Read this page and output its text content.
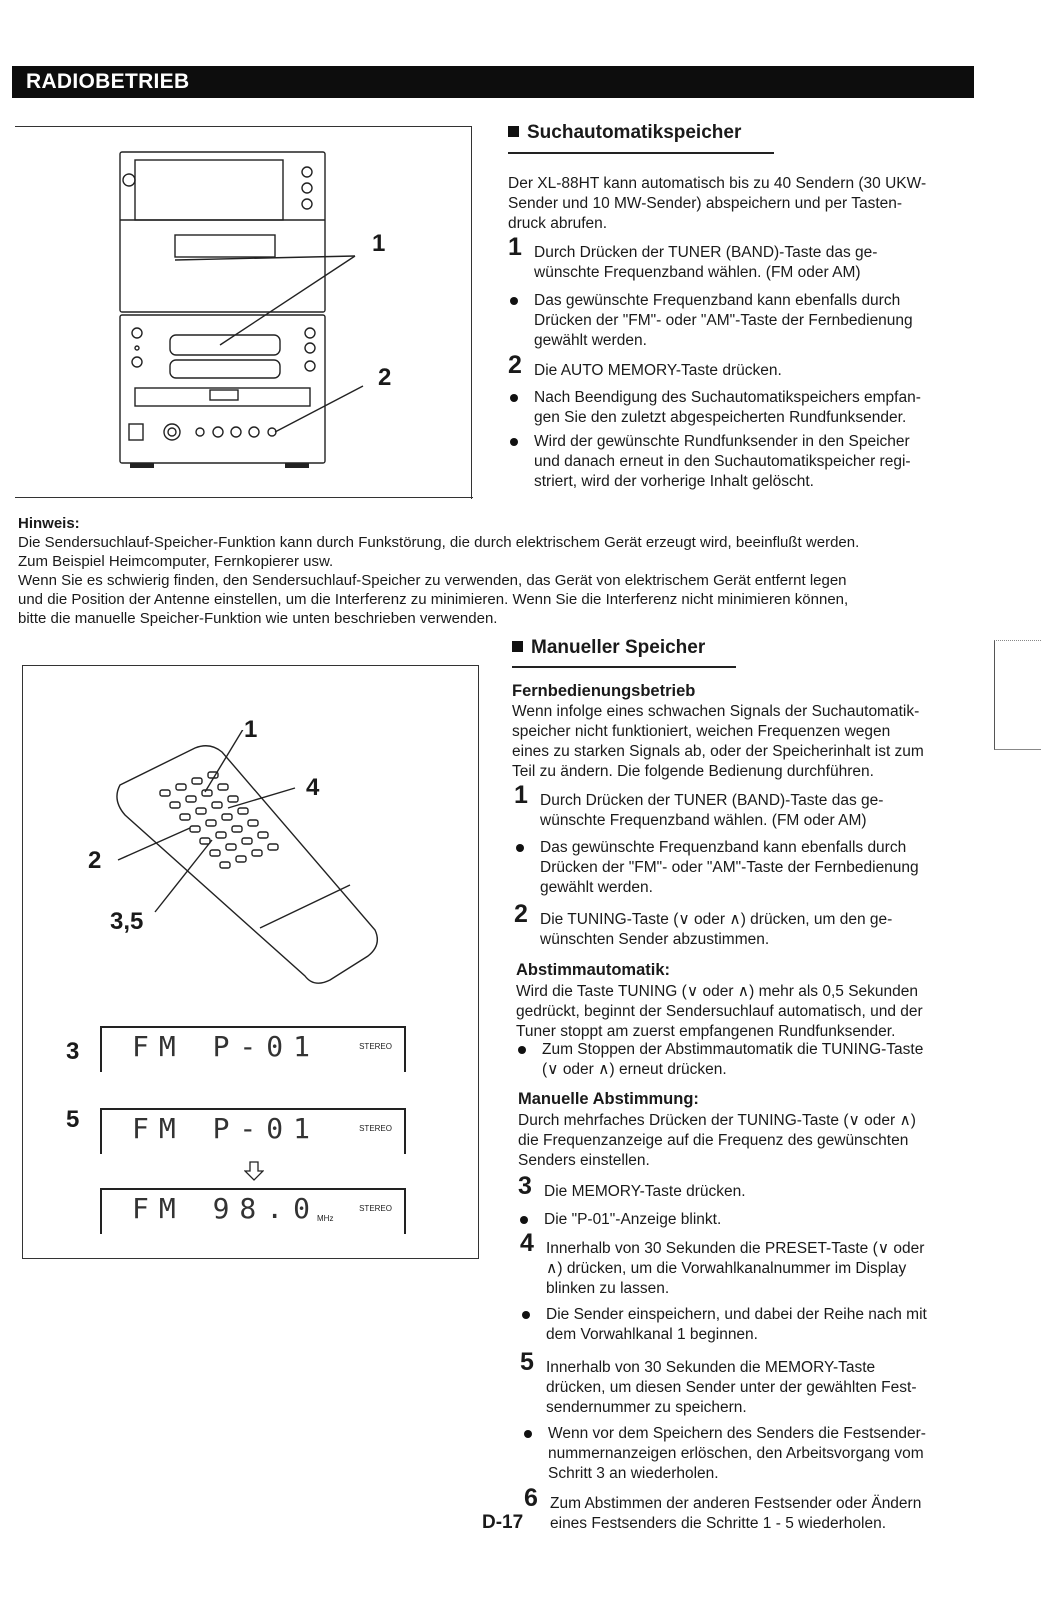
RADIOBETRIEB
1
2
Suchautomatikspeicher
Der XL-88HT kann automatisch bis zu 40 Sendern (30 UKW-
Sender und 10 MW-Sender) abspeichern und per Tasten-
druck abrufen.
1 Durch Drücken der TUNER (BAND)-Taste das ge-
wünschte Frequenzband wählen. (FM oder AM)
Das gewünschte Frequenzband kann ebenfalls durch
Drücken der "FM"- oder "AM"-Taste der Fernbedienung
gewählt werden.
2 Die AUTO MEMORY-Taste drücken.
Nach Beendigung des Suchautomatikspeichers empfan-
gen Sie den zuletzt abgespeicherten Rundfunksender.
Wird der gewünschte Rundfunksender in den Speicher
und danach erneut in den Suchautomatikspeicher regi-
striert, wird der vorherige Inhalt gelöscht.
Hinweis:
Die Sendersuchlauf-Speicher-Funktion kann durch Funkstörung, die durch elektrischem Gerät erzeugt wird, beeinflußt werden.
Zum Beispiel Heimcomputer, Fernkopierer usw.
Wenn Sie es schwierig finden, den Sendersuchlauf-Speicher zu verwenden, das Gerät von elektrischem Gerät entfernt legen
und die Position der Antenne einstellen, um die Interferenz zu minimieren. Wenn Sie die Interferenz nicht minimieren können,
bitte die manuelle Speicher-Funktion wie unten beschrieben verwenden.
1
4
2
3,5
3 FM P-01	STEREO
5 FM P-01	STEREO
FM 98.0
MHz
STEREO
Manueller Speicher
Fernbedienungsbetrieb
Wenn infolge eines schwachen Signals der Suchautomatik-
speicher nicht funktioniert, weichen Frequenzen wegen
eines zu starken Signals ab, oder der Speicherinhalt ist zum
Teil zu ändern. Die folgende Bedienung durchführen.
1 Durch Drücken der TUNER (BAND)-Taste das ge-
wünschte Frequenzband wählen. (FM oder AM)
Das gewünschte Frequenzband kann ebenfalls durch
Drücken der "FM"- oder "AM"-Taste der Fernbedienung
gewählt werden.
2 Die TUNING-Taste (∨ oder ∧) drücken, um den ge-
wünschten Sender abzustimmen.
Abstimmautomatik:
Wird die Taste TUNING (∨ oder ∧) mehr als 0,5 Sekunden
gedrückt, beginnt der Sendersuchlauf automatisch, und der
Tuner stoppt am zuerst empfangenen Rundfunksender.
Zum Stoppen der Abstimmautomatik die TUNING-Taste
(∨ oder ∧) erneut drücken.
Manuelle Abstimmung:
Durch mehrfaches Drücken der TUNING-Taste (∨ oder ∧)
die Frequenzanzeige auf die Frequenz des gewünschten
Senders einstellen.
3 Die MEMORY-Taste drücken.
Die "P-01"-Anzeige blinkt.
4 Innerhalb von 30 Sekunden die PRESET-Taste (∨ oder
∧) drücken, um die Vorwahlkanalnummer im Display
blinken zu lassen.
Die Sender einspeichern, und dabei der Reihe nach mit
dem Vorwahlkanal 1 beginnen.
5 Innerhalb von 30 Sekunden die MEMORY-Taste
drücken, um diesen Sender unter der gewählten Fest-
sendernummer zu speichern.
Wenn vor dem Speichern des Senders die Festsender-
nummernanzeigen erlöschen, den Arbeitsvorgang vom
Schritt 3 an wiederholen.
6 Zum Abstimmen der anderen Festsender oder Ändern
eines Festsenders die Schritte 1 - 5 wiederholen.
D-17
